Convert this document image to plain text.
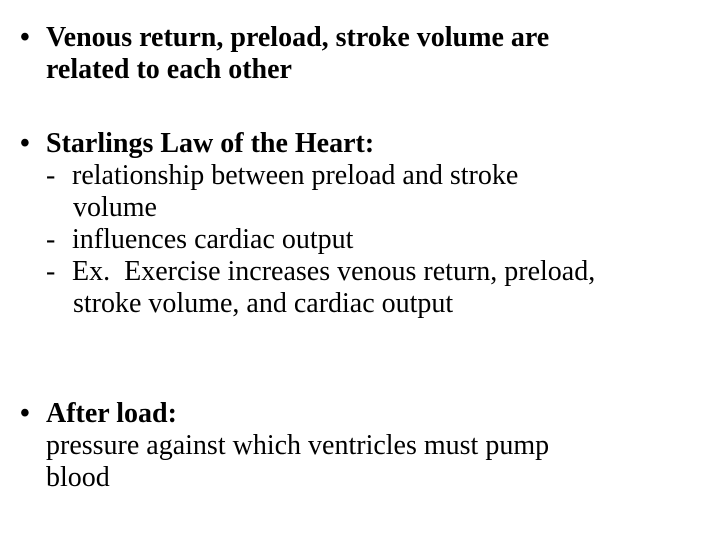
• Venous return, preload, stroke volume are
related to each other
• Starlings Law of the Heart:
- relationship between preload and stroke
volume
- influences cardiac output
- Ex.  Exercise increases venous return, preload,
stroke volume, and cardiac output
• After load:
pressure against which ventricles must pump
blood
